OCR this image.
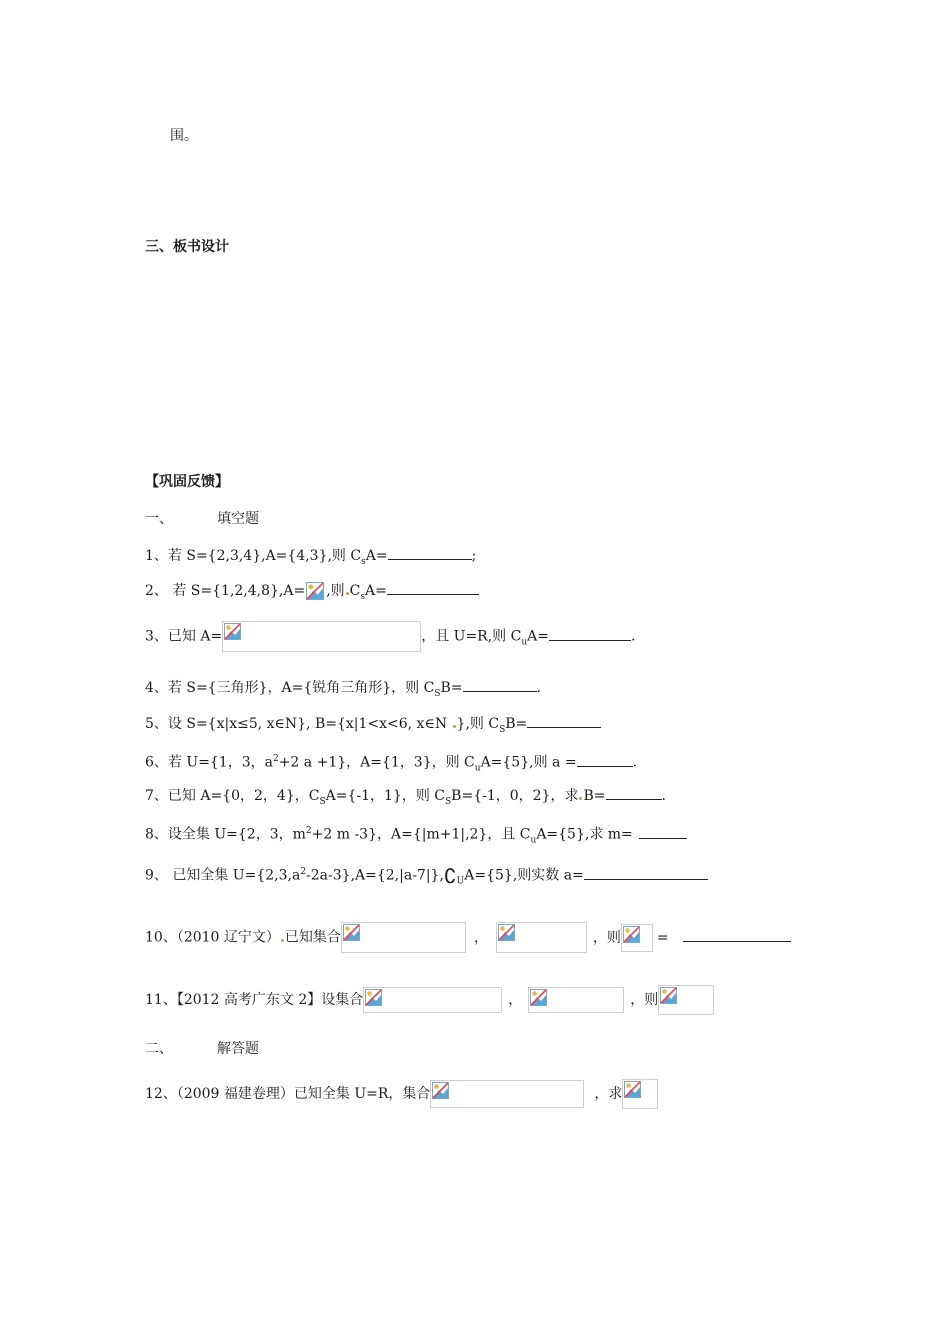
围。
三、板书设计
【巩固反馈】
一、	填空题
1、若 S={2,3,4},A={4,3},则 $C_sA=$	;
2、 若 S={1,2,4,8},A= ,则 $C_sA=$
3、已知 A=	，且 U=R,则 $C_uA=$	.
4、若 S={三角形}，A={锐角三角形}，则 $C_SB=$	.
5、设 S={x|x≤5, x∈N}, B={x|1<x<6, x∈N },则 $C_SB=$
6、若 U={1，3，$a^2+2$ a +1}，A={1，3}，则 $C_uA=\{5\}$,则 a =	.
7、已知 A={0，2，4}，$C_SA=\{-1$，1}，则 $C_SB=\{-1$，0，2}，求 B=	.
8、设全集 U={2，3，$m^2+2$ m -3}，A={|m+1|,2}，且 $C_uA=\{5\}$,求 m=
9、 已知全集 $U=\{2,3,a^2-2a-3\},A=\{2,|a-7|\},∁_UA=\{5\}$,则实数 a=
10、（2010 辽宁文） 已知集合	，	，则	=
11、【2012 高考广东文 2】设集合	，	，则
二、	解答题
12、（2009 福建卷理）已知全集 U=R，集合	，求
